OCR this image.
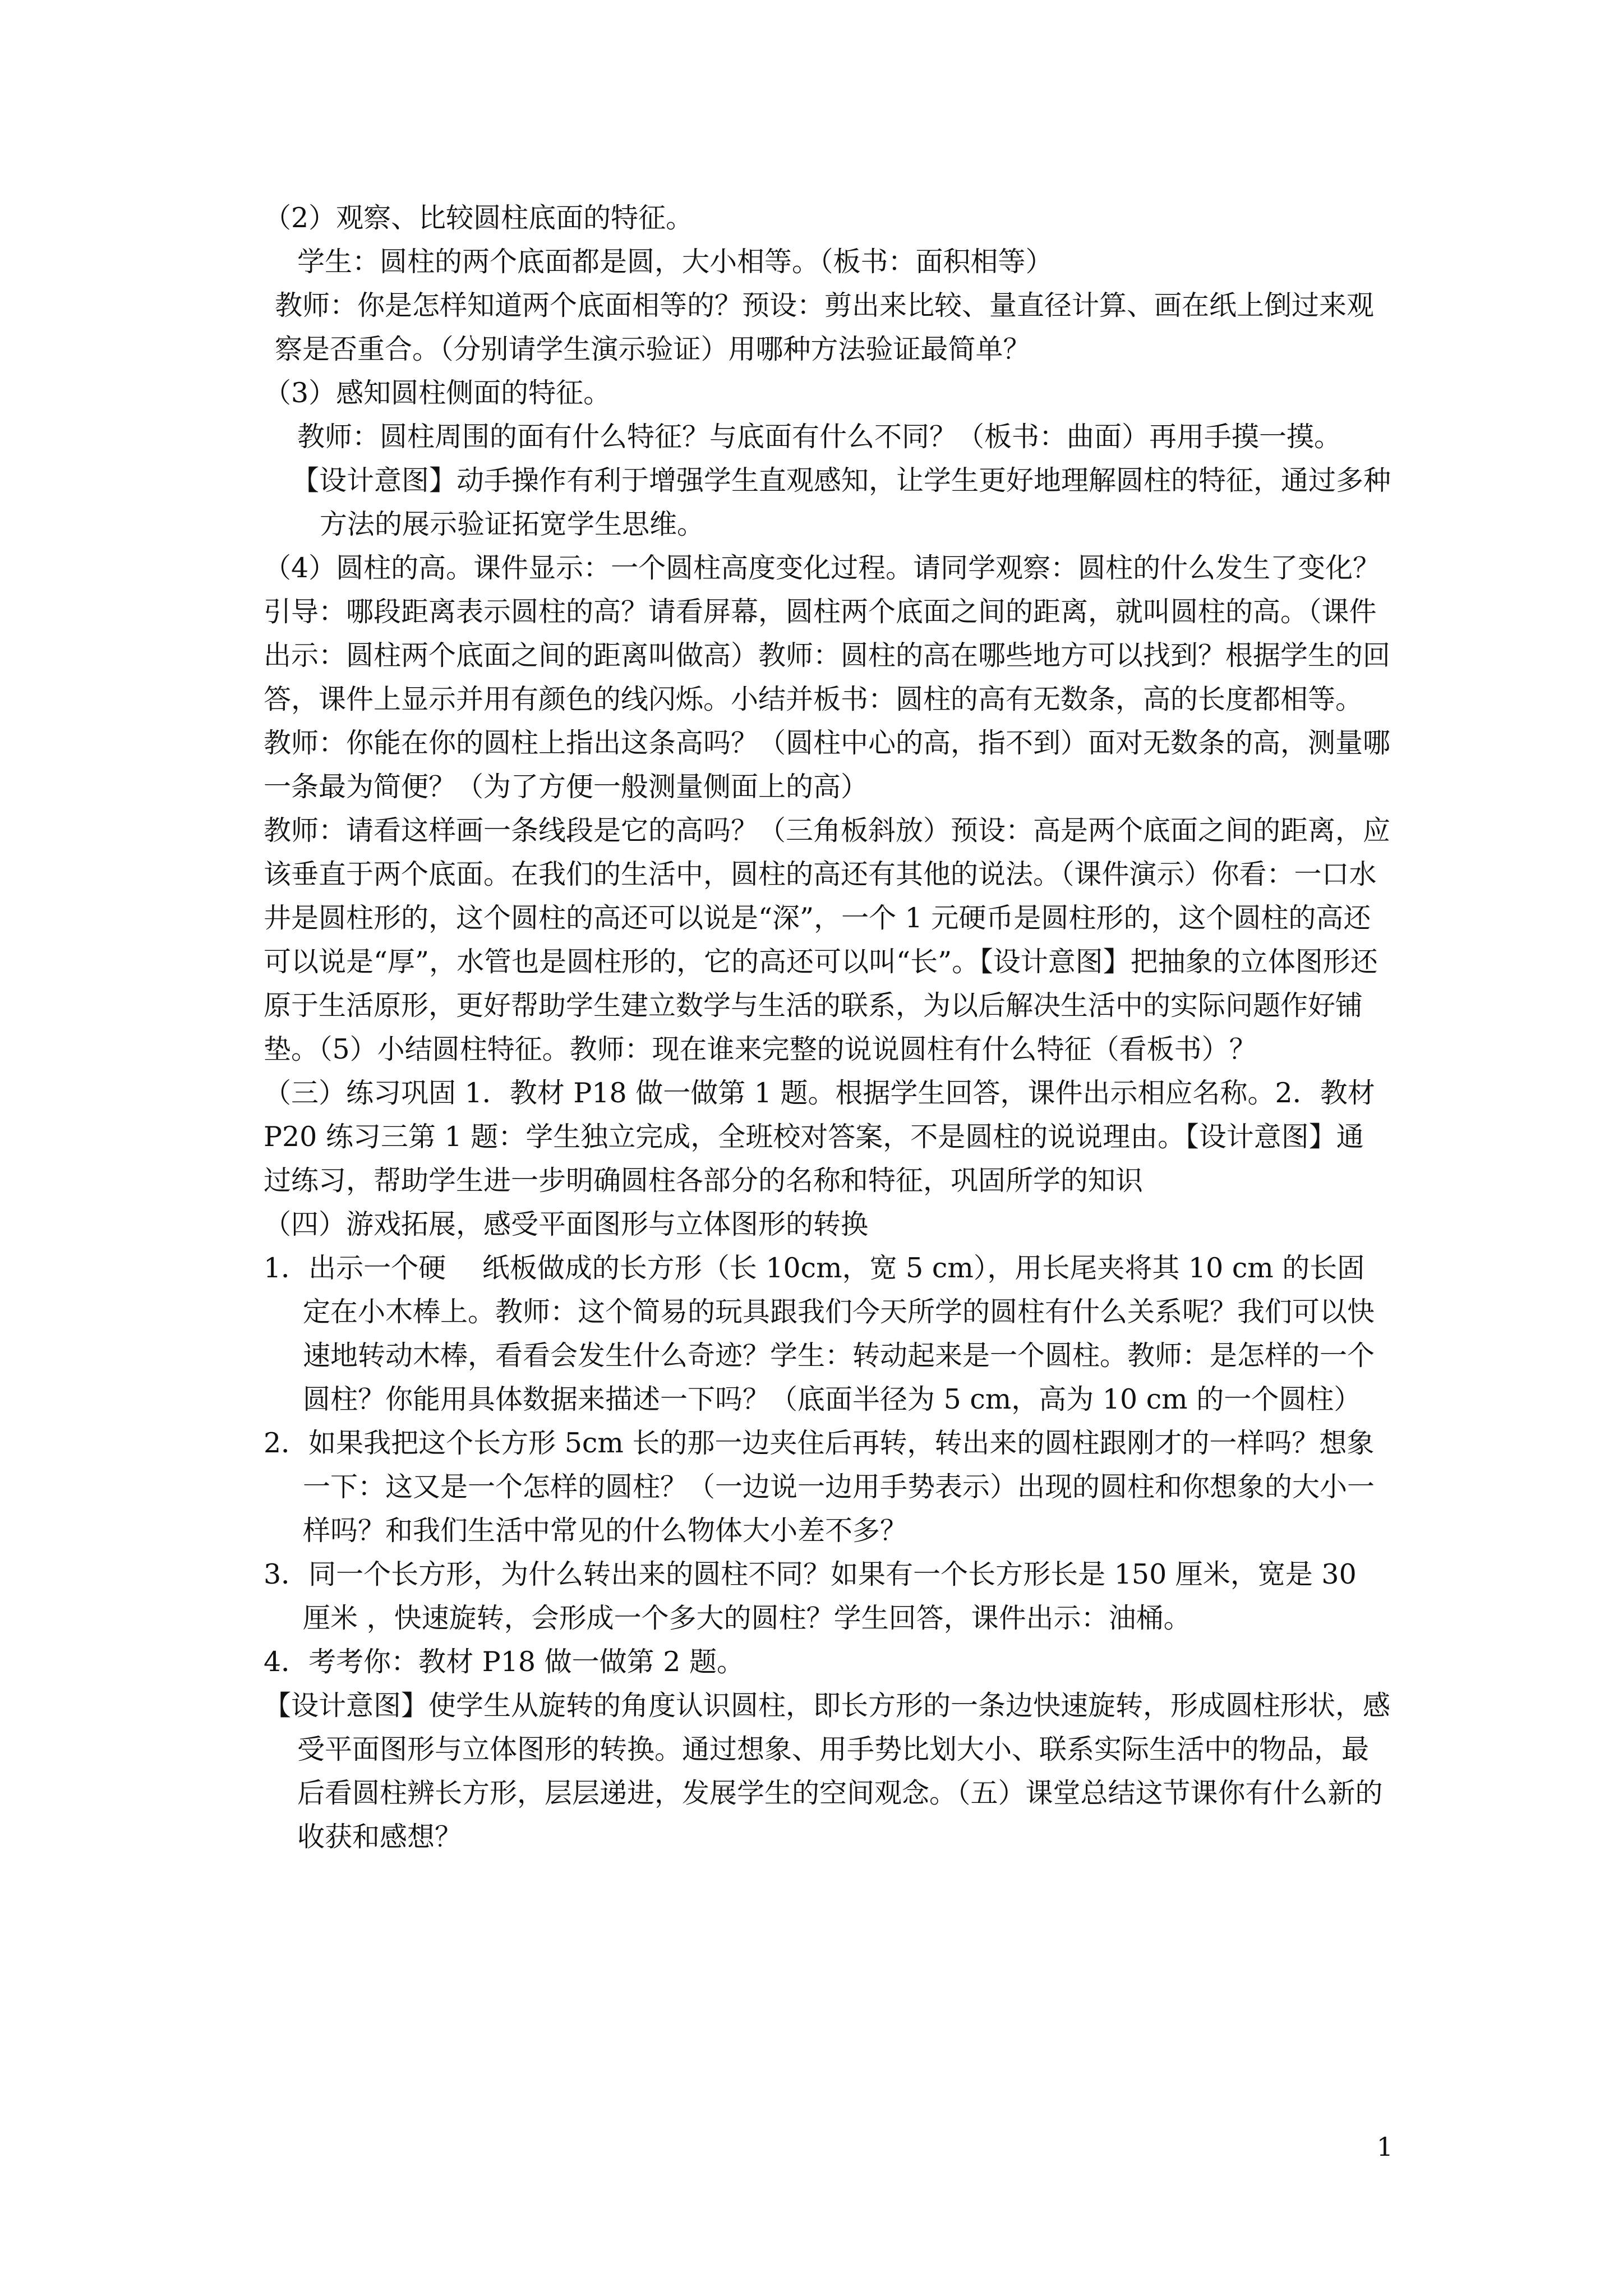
（2）观察、比较圆柱底面的特征。

学生：圆柱的两个底面都是圆，大小相等。（板书：面积相等）

教师：你是怎样知道两个底面相等的？预设：剪出来比较、量直径计算、画在纸上倒过来观察是否重合。（分别请学生演示验证）用哪种方法验证最简单？

（3）感知圆柱侧面的特征。

教师：圆柱周围的面有什么特征？与底面有什么不同？（板书：曲面）再用手摸一摸。

【设计意图】动手操作有利于增强学生直观感知，让学生更好地理解圆柱的特征，通过多种方法的展示验证拓宽学生思维。

（4）圆柱的高。课件显示：一个圆柱高度变化过程。请同学观察：圆柱的什么发生了变化？

引导：哪段距离表示圆柱的高？请看屏幕，圆柱两个底面之间的距离，就叫圆柱的高。（课件出示：圆柱两个底面之间的距离叫做高）教师：圆柱的高在哪些地方可以找到？根据学生的回答，课件上显示并用有颜色的线闪烁。小结并板书：圆柱的高有无数条，高的长度都相等。

教师：你能在你的圆柱上指出这条高吗？（圆柱中心的高，指不到）面对无数条的高，测量哪一条最为简便？（为了方便一般测量侧面上的高）

教师：请看这样画一条线段是它的高吗？（三角板斜放）预设：高是两个底面之间的距离，应该垂直于两个底面。在我们的生活中，圆柱的高还有其他的说法。（课件演示）你看：一口水井是圆柱形的，这个圆柱的高还可以说是“深”，一个 1 元硬币是圆柱形的，这个圆柱的高还可以说是“厚”，水管也是圆柱形的，它的高还可以叫“长”。【设计意图】把抽象的立体图形还原于生活原形，更好帮助学生建立数学与生活的联系，为以后解决生活中的实际问题作好铺垫。（5）小结圆柱特征。教师：现在谁来完整的说说圆柱有什么特征（看板书）？

（三）练习巩固 1．教材 P18 做一做第 1 题。根据学生回答，课件出示相应名称。2．教材 P20 练习三第 1 题：学生独立完成，全班校对答案，不是圆柱的说说理由。【设计意图】通过练习，帮助学生进一步明确圆柱各部分的名称和特征，巩固所学的知识

（四）游戏拓展，感受平面图形与立体图形的转换

1．出示一个硬　 纸板做成的长方形（长 10cm，宽 5 cm），用长尾夹将其 10 cm 的长固定在小木棒上。教师：这个简易的玩具跟我们今天所学的圆柱有什么关系呢？我们可以快速地转动木棒，看看会发生什么奇迹？学生：转动起来是一个圆柱。教师：是怎样的一个圆柱？你能用具体数据来描述一下吗？（底面半径为 5 cm，高为 10 cm 的一个圆柱）

2．如果我把这个长方形 5cm 长的那一边夹住后再转，转出来的圆柱跟刚才的一样吗？想象一下：这又是一个怎样的圆柱？（一边说一边用手势表示）出现的圆柱和你想象的大小一样吗？和我们生活中常见的什么物体大小差不多？

3．同一个长方形，为什么转出来的圆柱不同？如果有一个长方形长是 150 厘米，宽是 30 厘米 ，快速旋转，会形成一个多大的圆柱？学生回答，课件出示：油桶。

4．考考你：教材 P18 做一做第 2 题。

【设计意图】使学生从旋转的角度认识圆柱，即长方形的一条边快速旋转，形成圆柱形状，感受平面图形与立体图形的转换。通过想象、用手势比划大小、联系实际生活中的物品，最后看圆柱辨长方形，层层递进，发展学生的空间观念。（五）课堂总结这节课你有什么新的收获和感想？

1
